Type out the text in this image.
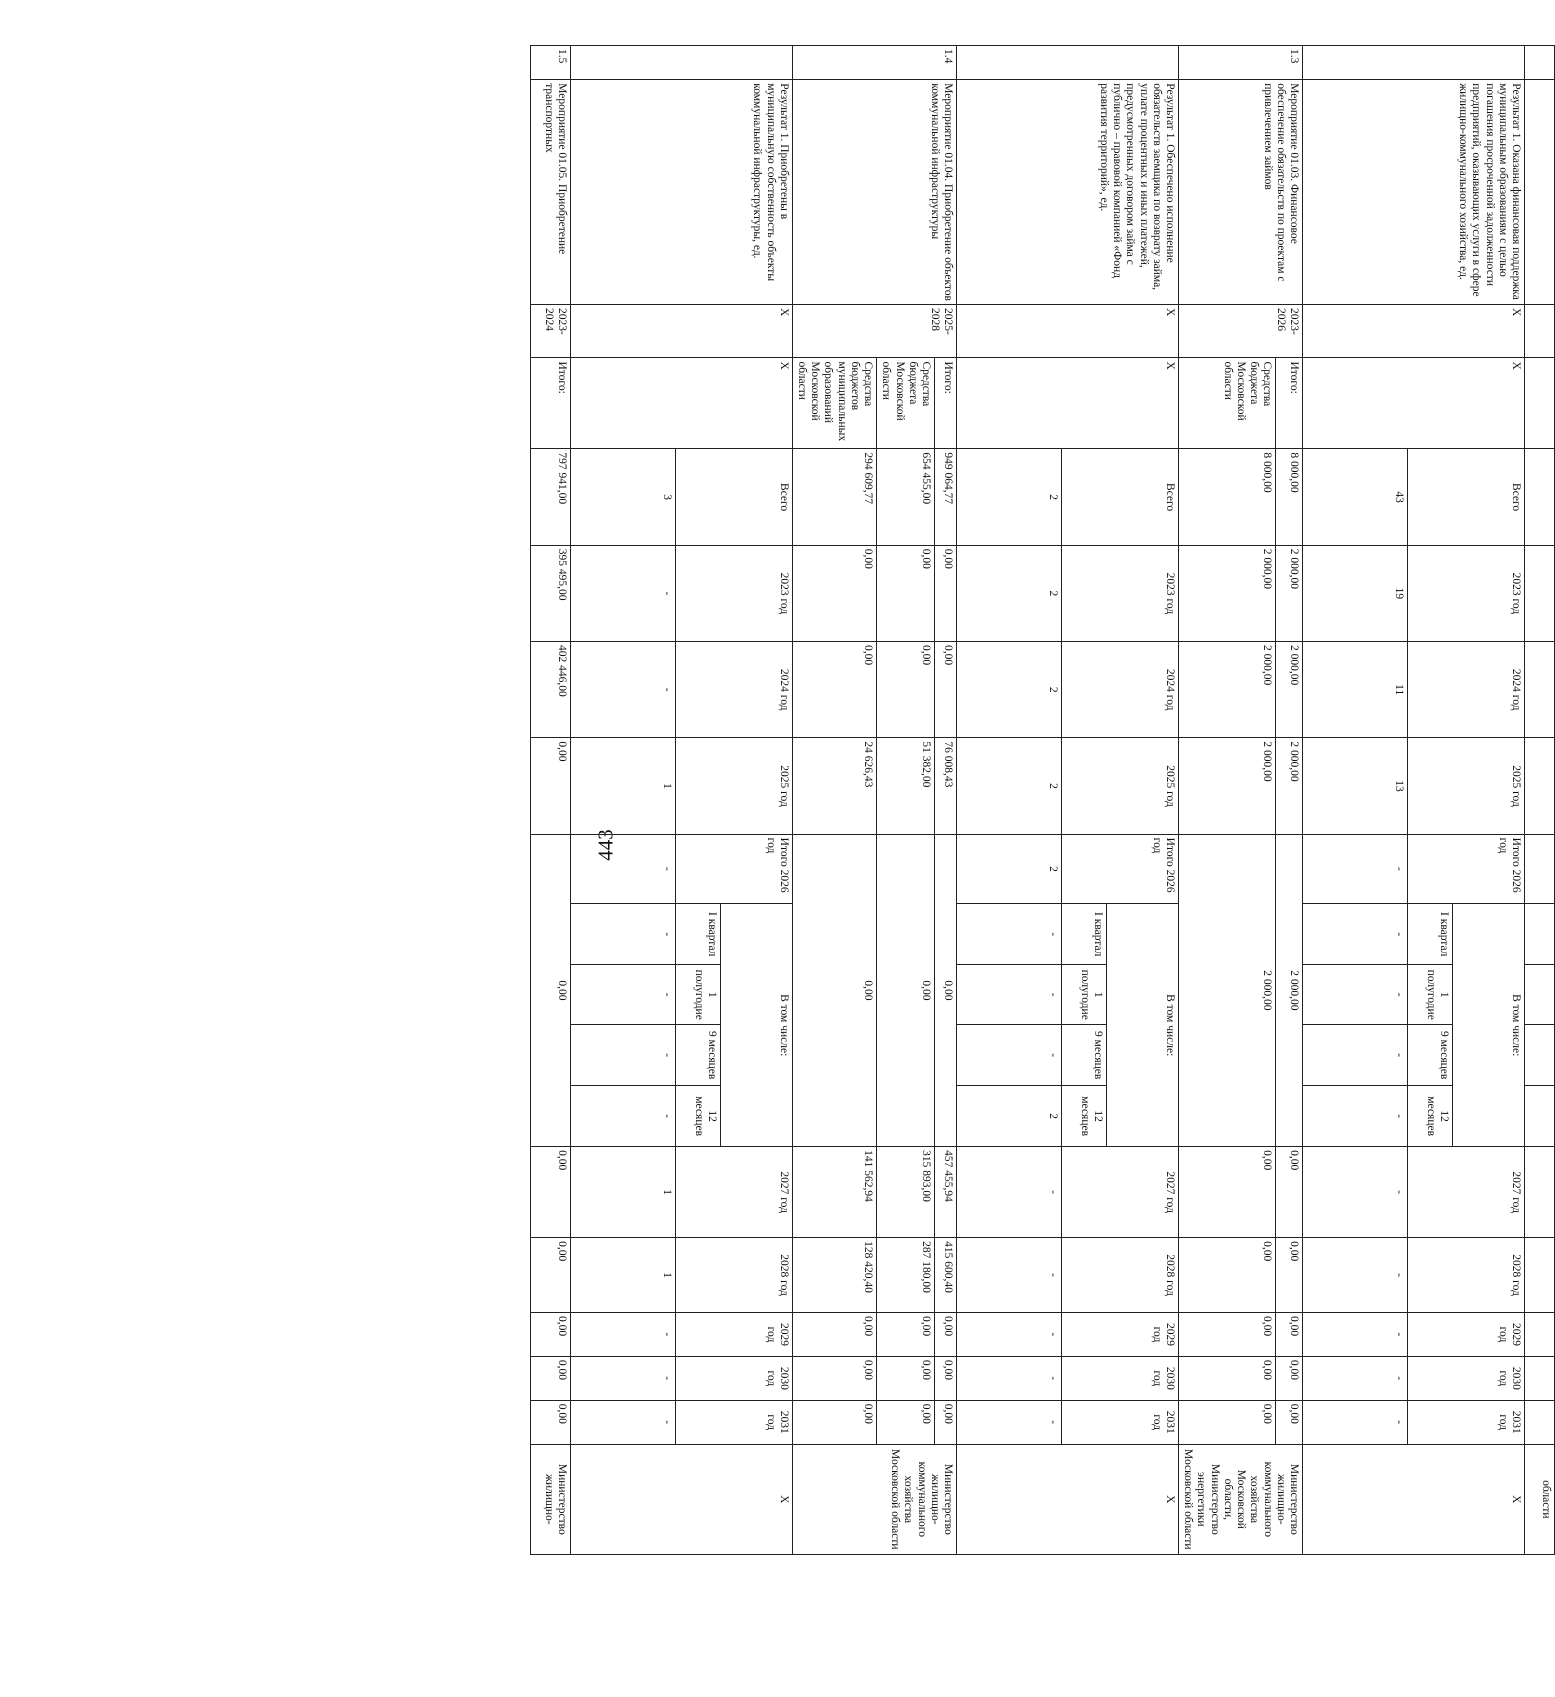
443
																		области
	Результат 1. Оказана финансовая поддержка муниципальным образованиям с целью погашения просроченной задолженности предприятий, оказывающих услуги в сфере жилищно-коммунального хозийства, ед.	X	X	Всего	2023 год	2024 год	2025 год	Итого 2026 год	В том числе:				2027 год	2028 год	2029 год	2030 год	2031 год	X
									I квартал	1 полугодие	9 месяцев	12 месяцев						
				43	19	11	13	-	-	-	-	-	-	-	-	-	-	
1.3	Мероприятие 01.03. Финансовое обеспечение обязательств по проектам с привлечением займов	2023-2026	Итого:	8 000,00	2 000,00	2 000,00	2 000,00	2 000,00					0,00	0,00	0,00	0,00	0,00	Министерство жилищно-коммунального хозяйства Московской области, Министерство энергетики Московской области
			Средства бюджета Московской области	8 000,00	2 000,00	2 000,00	2 000,00	2 000,00					0,00	0,00	0,00	0,00	0,00	
	Результат 1. Обеспечено исполнение обязательств заемщика по возврату займа, уплате процентных и иных платежей, предусмотренных договором займа с публично – правовой компанией «Фонд развития территорий», ед.	X	X	Всего	2023 год	2024 год	2025 год	Итого 2026 год	В том числе:				2027 год	2028 год	2029 год	2030 год	2031 год	X
									I квартал	1 полугодие	9 месяцев	12 месяцев						
				2	2	2	2	2	-	-	-	2	-	-	-	-	-	
1.4	Мероприятие 01.04. Приобретение объектов коммунальной инфраструктуры	2025-2028	Итого:	949 064,77	0,00	0,00	76 008,43	0,00					457 455,94	415 600,40	0,00	0,00	0,00	Министерство жилищно-коммунального хозяйства Московской области
			Средства бюджета Московской области	654 455,00	0,00	0,00	51 382,00	0,00					315 893,00	287 180,00	0,00	0,00	0,00	
			Средства бюджетов муниципальных образований Московской области	294 609,77	0,00	0,00	24 626,43	0,00					141 562,94	128 420,40	0,00	0,00	0,00	
	Результат 1. Приобретены в муниципальную собственность объекты коммунальной инфраструктуры, ед.	X	X	Всего	2023 год	2024 год	2025 год	Итого 2026 год	В том числе:				2027 год	2028 год	2029 год	2030 год	2031 год	X
									I квартал	1 полугодие	9 месяцев	12 месяцев						
				3	-	-	1	-	-	-	-	-	1	1	-	-	-	
1.5	Мероприятие 01.05. Приобретение транспортных	2023-2024	Итого:	797 941,00	395 495,00	402 446,00	0,00	0,00					0,00	0,00	0,00	0,00	0,00	Министерство жилищно-
